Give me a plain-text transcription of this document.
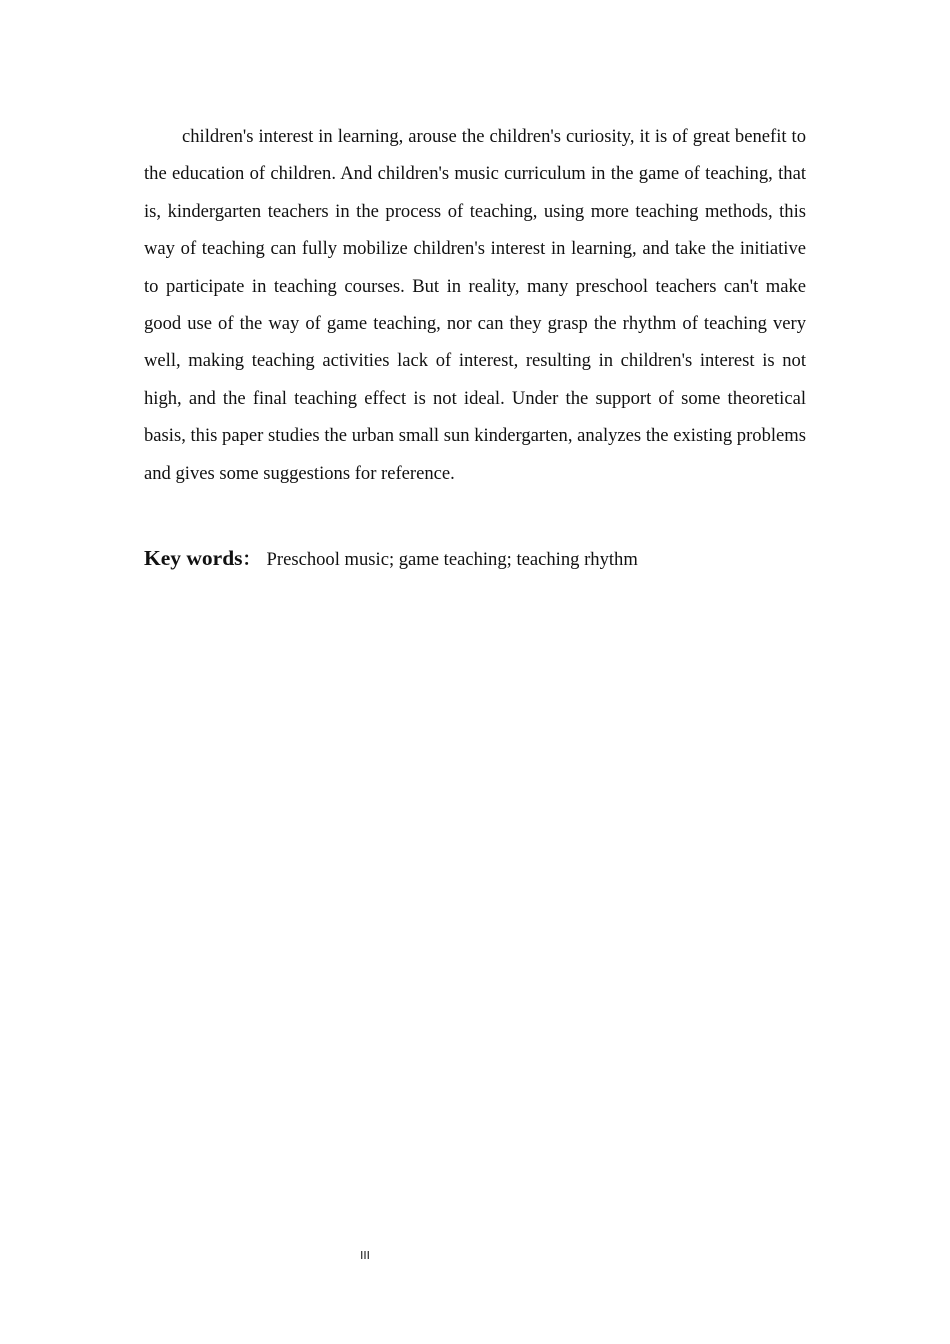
children's interest in learning, arouse the children's curiosity, it is of great benefit to the education of children. And children's music curriculum in the game of teaching, that is, kindergarten teachers in the process of teaching, using more teaching methods, this way of teaching can fully mobilize children's interest in learning, and take the initiative to participate in teaching courses. But in reality, many preschool teachers can't make good use of the way of game teaching, nor can they grasp the rhythm of teaching very well, making teaching activities lack of interest, resulting in children's interest is not high, and the final teaching effect is not ideal. Under the support of some theoretical basis, this paper studies the urban small sun kindergarten, analyzes the existing problems and gives some suggestions for reference.

Key words： Preschool music; game teaching; teaching rhythm

III
